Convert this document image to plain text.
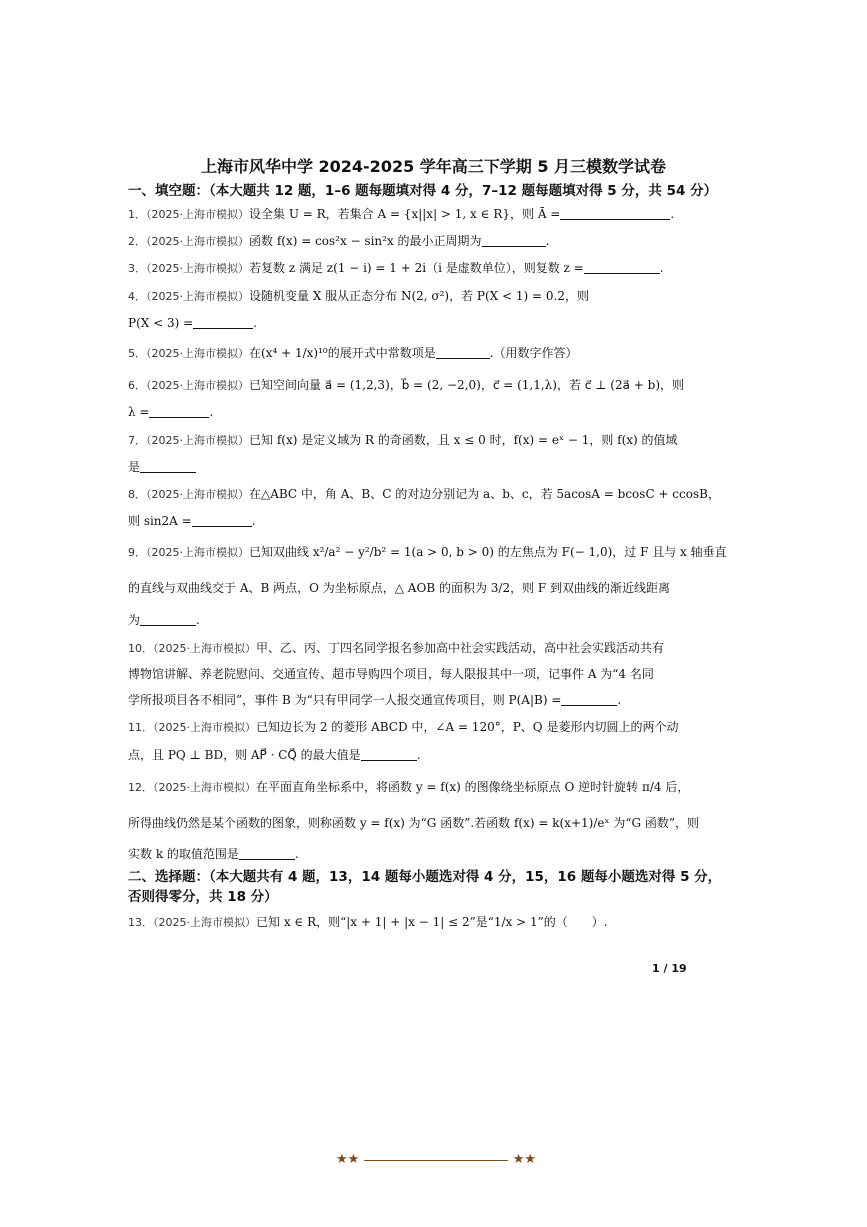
上海市风华中学 2024-2025 学年高三下学期 5 月三模数学试卷
一、填空题：（本大题共 12 题，1–6 题每题填对得 4 分，7–12 题每题填对得 5 分，共 54 分）
1．（2025·上海市模拟）设全集 U = R，若集合 A = {x||x| > 1, x ∈ R}，则 Ā =	.
2．（2025·上海市模拟）函数 f(x) = cos²x − sin²x 的最小正周期为	.
3．（2025·上海市模拟）若复数 z 满足 z(1 − i) = 1 + 2i（i 是虚数单位），则复数 z =	.
4．（2025·上海市模拟）设随机变量 X 服从正态分布 N(2, σ²)，若 P(X < 1) = 0.2，则
P(X < 3) =	.
5．（2025·上海市模拟）在(x⁴ + 1/x)¹⁰的展开式中常数项是	.（用数字作答）
6．（2025·上海市模拟）已知空间向量 a⃗ = (1,2,3)，b⃗ = (2, −2,0)，c⃗ = (1,1,λ)，若 c⃗ ⊥ (2a⃗ + b)，则
λ =	.
7．（2025·上海市模拟）已知 f(x) 是定义域为 R 的奇函数，且 x ≤ 0 时，f(x) = eˣ − 1，则 f(x) 的值域
是
8．（2025·上海市模拟）在△ABC 中，角 A、B、C 的对边分别记为 a、b、c，若 5acosA = bcosC + ccosB，
则 sin2A =	.
9．（2025·上海市模拟）已知双曲线 x²/a² − y²/b² = 1(a > 0, b > 0) 的左焦点为 F(− 1,0)，过 F 且与 x 轴垂直
的直线与双曲线交于 A、B 两点，O 为坐标原点，△ AOB 的面积为 3/2，则 F 到双曲线的渐近线距离
为	.
10．（2025·上海市模拟）甲、乙、丙、丁四名同学报名参加高中社会实践活动，高中社会实践活动共有
博物馆讲解、养老院慰问、交通宣传、超市导购四个项目，每人限报其中一项，记事件 A 为“4 名同
学所报项目各不相同”，事件 B 为“只有甲同学一人报交通宣传项目，则 P(A|B) =	.
11．（2025·上海市模拟）已知边长为 2 的菱形 ABCD 中，∠A = 120°，P、Q 是菱形内切圆上的两个动
点，且 PQ ⊥ BD，则 AP⃗ · CQ⃗ 的最大值是	.
12．（2025·上海市模拟）在平面直角坐标系中，将函数 y = f(x) 的图像绕坐标原点 O 逆时针旋转 π/4 后，
所得曲线仍然是某个函数的图象，则称函数 y = f(x) 为“G 函数”.若函数 f(x) = k(x+1)/eˣ 为“G 函数”，则
实数 k 的取值范围是	.
二、选择题：（本大题共有 4 题，13，14 题每小题选对得 4 分，15，16 题每小题选对得 5 分，
否则得零分，共 18 分）
13．（2025·上海市模拟）已知 x ∈ R，则“|x + 1| + |x − 1| ≤ 2”是“1/x > 1”的（　　）.
1 / 19
★★	★★
